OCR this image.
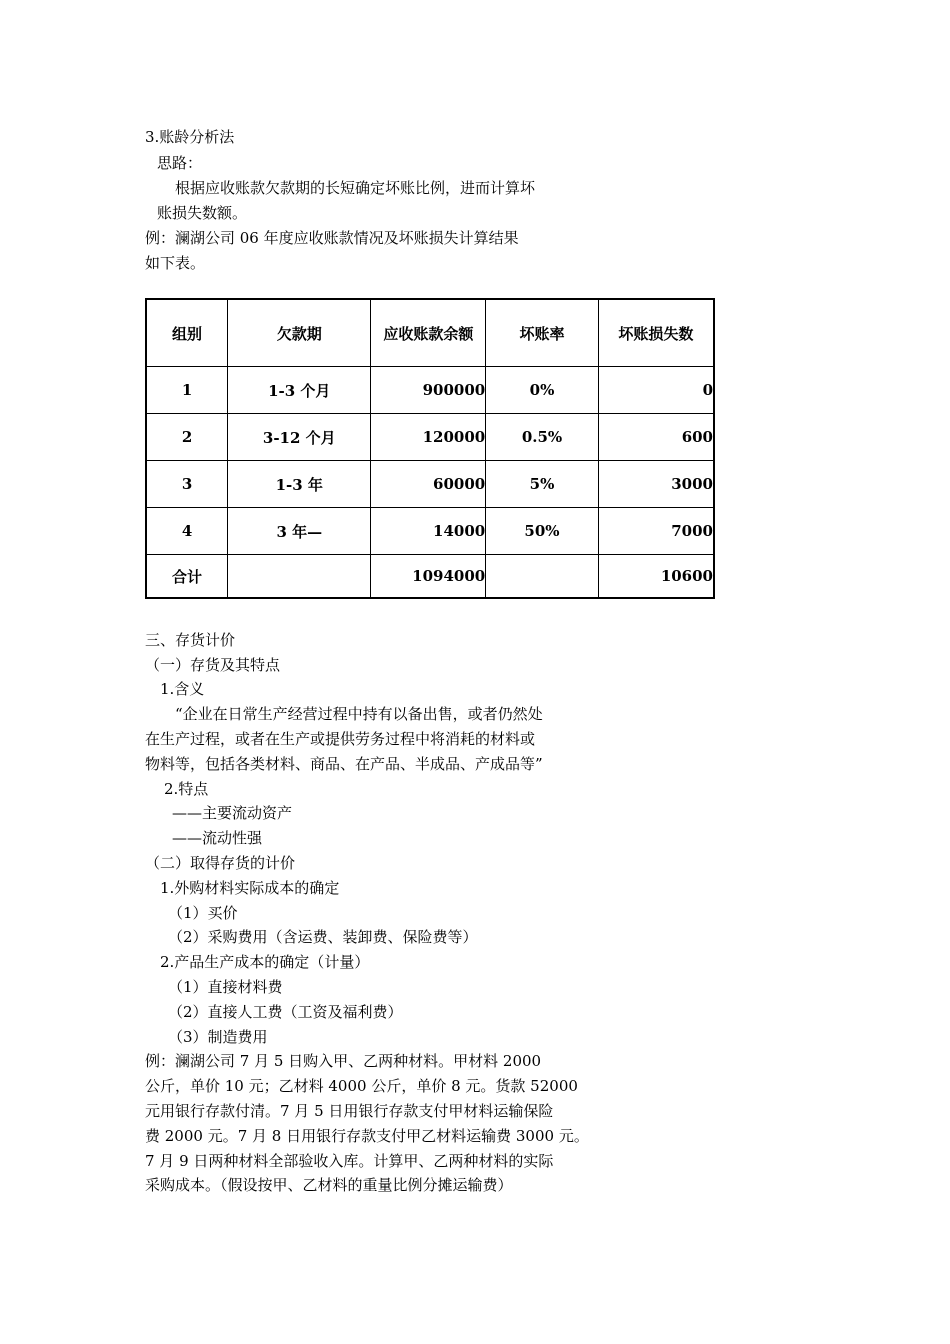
3.账龄分析法
思路：
根据应收账款欠款期的长短确定坏账比例，进而计算坏
账损失数额。
例：澜湖公司 06 年度应收账款情况及坏账损失计算结果
如下表。
组别	欠款期	应收账款余额	坏账率	坏账损失数
1	1-3 个月	900000	0%	0
2	3-12 个月	120000	0.5%	600
3	1-3 年	60000	5%	3000
4	3 年—	14000	50%	7000
合计		1094000		10600
三、存货计价
（一）存货及其特点
1.含义
“企业在日常生产经营过程中持有以备出售，或者仍然处
在生产过程，或者在生产或提供劳务过程中将消耗的材料或
物料等，包括各类材料、商品、在产品、半成品、产成品等”
2.特点
——主要流动资产
——流动性强
（二）取得存货的计价
1.外购材料实际成本的确定
（1）买价
（2）采购费用（含运费、装卸费、保险费等）
2.产品生产成本的确定（计量）
（1）直接材料费
（2）直接人工费（工资及福利费）
（3）制造费用
例：澜湖公司 7 月 5 日购入甲、乙两种材料。甲材料 2000
公斤，单价 10 元；乙材料 4000 公斤，单价 8 元。货款 52000
元用银行存款付清。7 月 5 日用银行存款支付甲材料运输保险
费 2000 元。7 月 8 日用银行存款支付甲乙材料运输费 3000 元。
7 月 9 日两种材料全部验收入库。计算甲、乙两种材料的实际
采购成本。（假设按甲、乙材料的重量比例分摊运输费）
